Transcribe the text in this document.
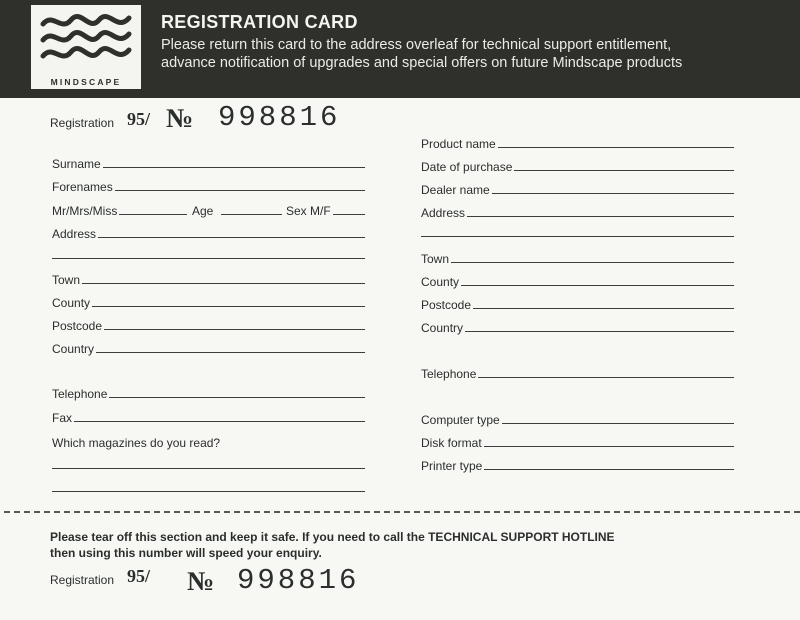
MINDSCAPE
REGISTRATION CARD
Please return this card to the address overleaf for technical support entitlement,
advance notification of upgrades and special offers on future Mindscape products
Registration 95/ № 998816
Surname
Forenames
Mr/Mrs/Miss	Age	Sex M/F
Address
Town
County
Postcode
Country
Telephone
Fax
Which magazines do you read?
Product name
Date of purchase
Dealer name
Address
Town
County
Postcode
Country
Telephone
Computer type
Disk format
Printer type
Please tear off this section and keep it safe. If you need to call the TECHNICAL SUPPORT HOTLINE
then using this number will speed your enquiry.
Registration 95/ № 998816
